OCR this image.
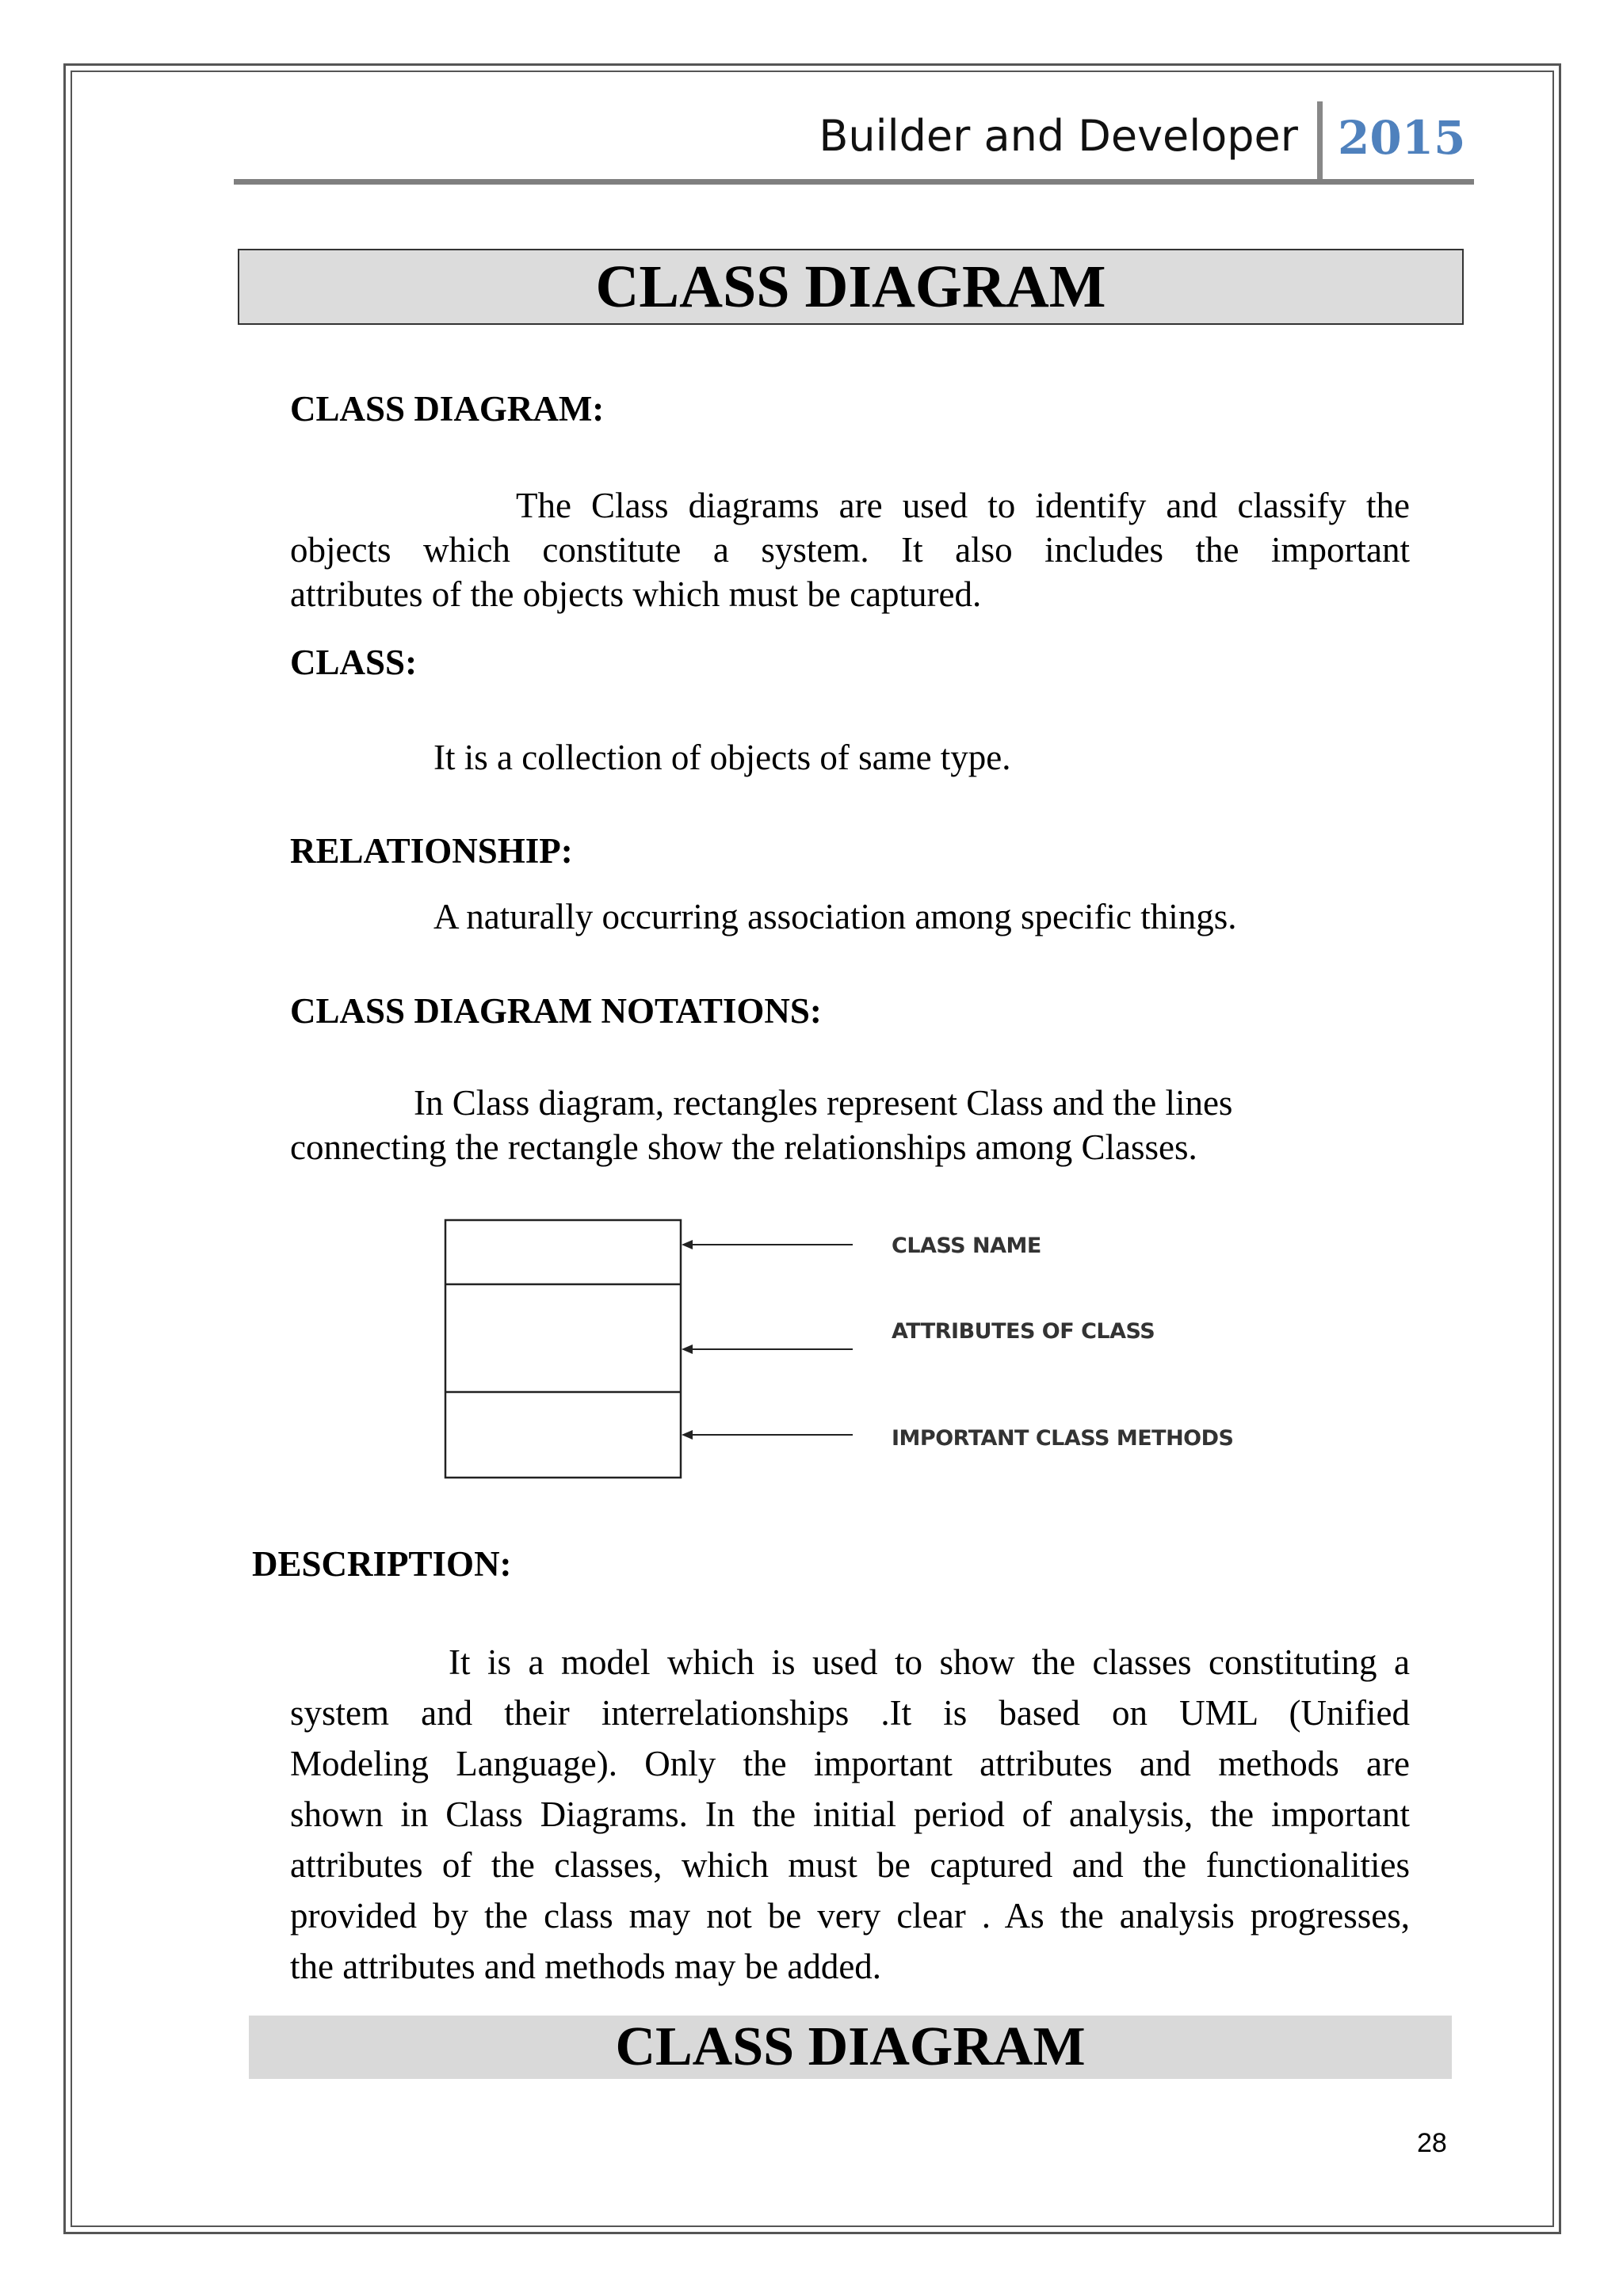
Builder and Developer 2015
CLASS DIAGRAM
CLASS DIAGRAM:
The Class diagrams are used to identify and classify the
objects which constitute a system. It also includes the important
attributes of the objects which must be captured.
CLASS:
It is a collection of objects of same type.
RELATIONSHIP:
A naturally occurring association among specific things.
CLASS DIAGRAM NOTATIONS:
In Class diagram, rectangles represent Class and the lines
connecting the rectangle show the relationships among Classes.
CLASS NAME
ATTRIBUTES OF CLASS
IMPORTANT CLASS METHODS
DESCRIPTION:
It is a model which is used to show the classes constituting a
system and their interrelationships .It is based on UML (Unified
Modeling Language). Only the important attributes and methods are
shown in Class Diagrams. In the initial period of analysis, the important
attributes of the classes, which must be captured and the functionalities
provided by the class may not be very clear . As the analysis progresses,
the attributes and methods may be added.
CLASS DIAGRAM
28
